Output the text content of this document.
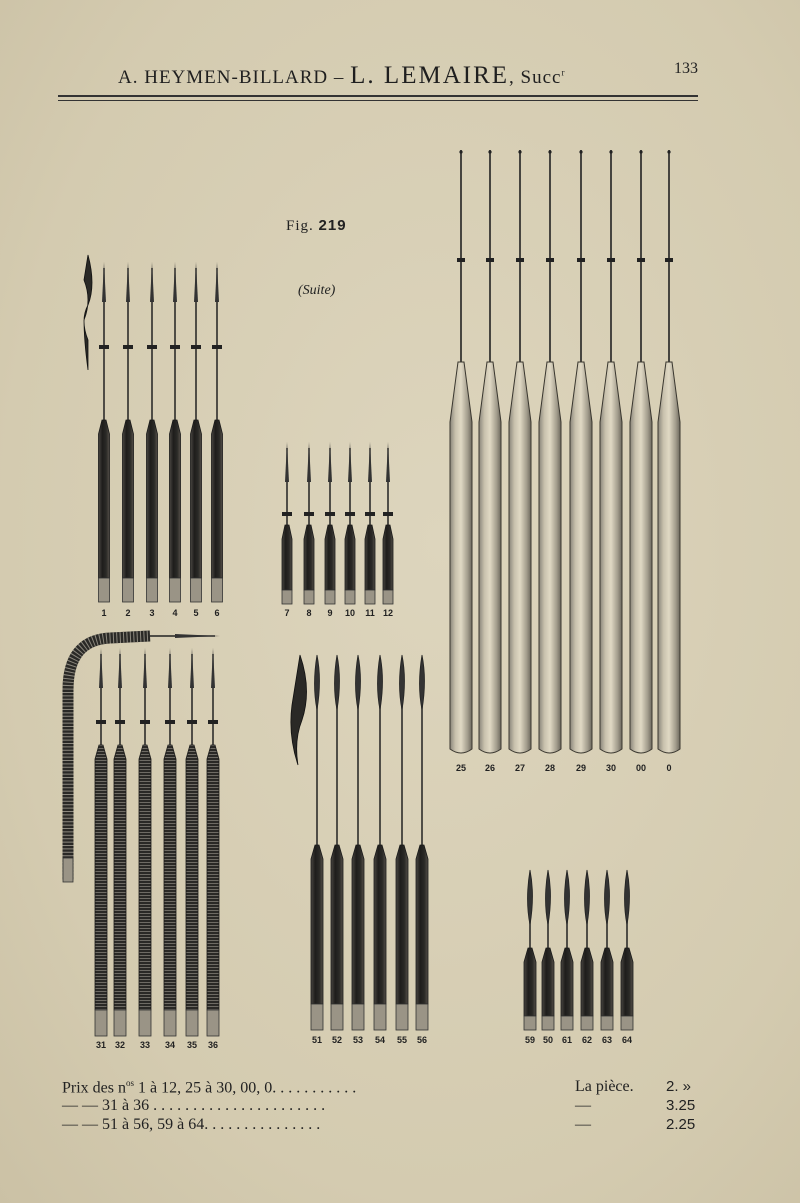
A. HEYMEN-BILLARD – L. LEMAIRE, Succ$^r$	133
Fig. 219
(Suite)
1 2 3 4 5 6	7 8 9 10 11 12
25 26 27 28 29 30 00 0
31 32 33 34 35 36	51 52 53 54 55 56	59 50 61 62 63 64
Prix des $n^{os}$ 1 à 12, 25 à 30, 00, 0. . . . . . . . . . .	La pièce. 2. »
— — 31 à 36 . . . . . . . . . . . . . . . . . . . . . .	—	3.25
— — 51 à 56, 59 à 64. . . . . . . . . . . . . . .	—	2.25
